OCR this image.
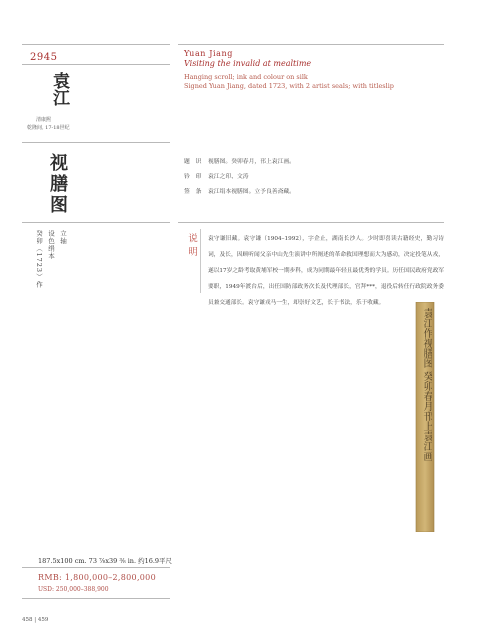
2945
袁江
清康熙
乾隆间, 17-18世纪
视膳图
立轴
设色绢本
癸卯（1723）作
Yuan Jiang
Visiting the invalid at mealtime
Hanging scroll; ink and colour on silk
Signed Yuan Jiang, dated 1723, with 2 artist seals; with titleslip
题　识 视膳图。癸卯春月，邗上袁江画。
钤　印 袁江之印、文涛
签　条 袁江绢本视膳图。立予良善斋藏。
说明 袁守谦旧藏。袁守谦（1904–1992），字企止，湖南长沙人。少时即喜读古籍经史，勤习诗词，及长，因顾听闻父亲中山先生演讲中所阐述的革命救国理想而大为感动，决定投笔从戎，遂以17岁之龄考取黄埔军校一期步科，成为同期最年轻且最优秀的学员。历任国民政府党政军要职，1949年渡台后，出任国防部政务次长及代理部长，官拜***，退役后转任行政院政务委员兼交通部长。袁守谦戎马一生，却崇好文艺，长于书法，乐于收藏。
袁江作视膳图 癸卯春月邗上袁江画
187.5x100 cm. 73 ⅞x39 ⅜ in. 约16.9平尺
RMB: 1,800,000–2,800,000
USD: 250,000–388,900
458 | 459
